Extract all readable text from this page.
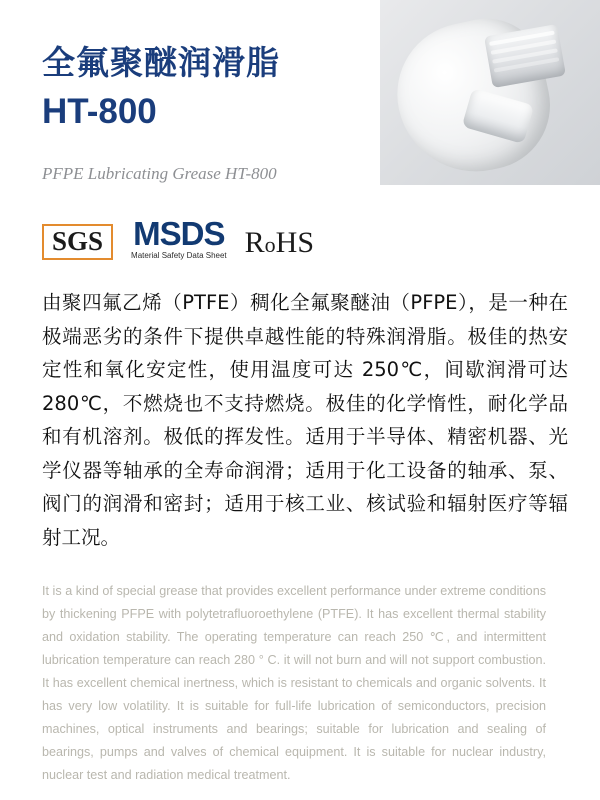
全氟聚醚润滑脂
HT-800
PFPE Lubricating Grease HT-800
SGS MSDS
Material Safety Data Sheet RoHS

由聚四氟乙烯（PTFE）稠化全氟聚醚油（PFPE），是一种在极端恶劣的条件下提供卓越性能的特殊润滑脂。极佳的热安定性和氧化安定性，使用温度可达 250℃，间歇润滑可达 280℃，不燃烧也不支持燃烧。极佳的化学惰性，耐化学品和有机溶剂。极低的挥发性。适用于半导体、精密机器、光学仪器等轴承的全寿命润滑；适用于化工设备的轴承、泵、阀门的润滑和密封；适用于核工业、核试验和辐射医疗等辐射工况。

It is a kind of special grease that provides excellent performance under extreme conditions by thickening PFPE with polytetrafluoroethylene (PTFE). It has excellent thermal stability and oxidation stability. The operating temperature can reach 250 ℃, and intermittent lubrication temperature can reach 280 ° C. it will not burn and will not support combustion. It has excellent chemical inertness, which is resistant to chemicals and organic solvents. It has very low volatility. It is suitable for full-life lubrication of semiconductors, precision machines, optical instruments and bearings; suitable for lubrication and sealing of bearings, pumps and valves of chemical equipment. It is suitable for nuclear industry, nuclear test and radiation medical treatment.
